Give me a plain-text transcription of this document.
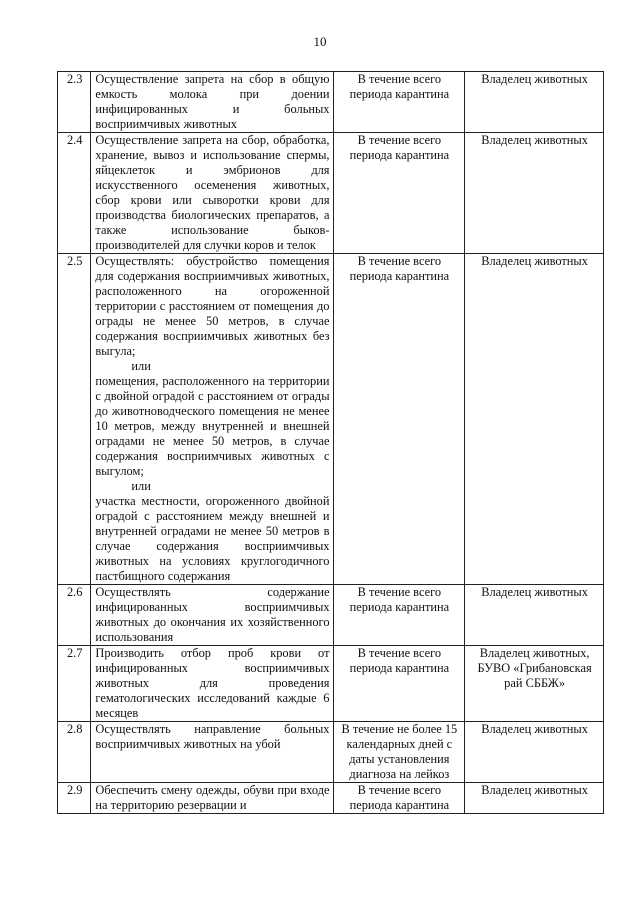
10
2.3	Осуществление запрета на сбор в общую емкость молока при доении инфицированных и больных восприимчивых животных	В течение всего периода карантина	Владелец животных
2.4	Осуществление запрета на сбор, обработка, хранение, вывоз и использование спермы, яйцеклеток и эмбрионов для искусственного осеменения животных, сбор крови или сыворотки крови для производства биологических препаратов, а также использование быков-производителей для случки коров и телок	В течение всего периода карантина	Владелец животных
2.5	Осуществлять: обустройство помещения для содержания восприимчивых животных, расположенного на огороженной территории с расстоянием от помещения до ограды не менее 50 метров, в случае содержания восприимчивых животных без выгула;
или
помещения, расположенного на территории с двойной оградой с расстоянием от ограды до животноводческого помещения не менее 10 метров, между внутренней и внешней оградами не менее 50 метров, в случае содержания восприимчивых животных с выгулом;
или
участка местности, огороженного двойной оградой с расстоянием между внешней и внутренней оградами не менее 50 метров в случае содержания восприимчивых животных на условиях круглогодичного пастбищного содержания	В течение всего периода карантина	Владелец животных
2.6	Осуществлять содержание инфицированных восприимчивых животных до окончания их хозяйственного использования	В течение всего периода карантина	Владелец животных
2.7	Производить отбор проб крови от инфицированных восприимчивых животных для проведения гематологических исследований каждые 6 месяцев	В течение всего периода карантина	Владелец животных, БУВО «Грибановская рай СББЖ»
2.8	Осуществлять направление больных восприимчивых животных на убой	В течение не более 15 календарных дней с даты установления диагноза на лейкоз	Владелец животных
2.9	Обеспечить смену одежды, обуви при входе на территорию резервации и	В течение всего периода карантина	Владелец животных
